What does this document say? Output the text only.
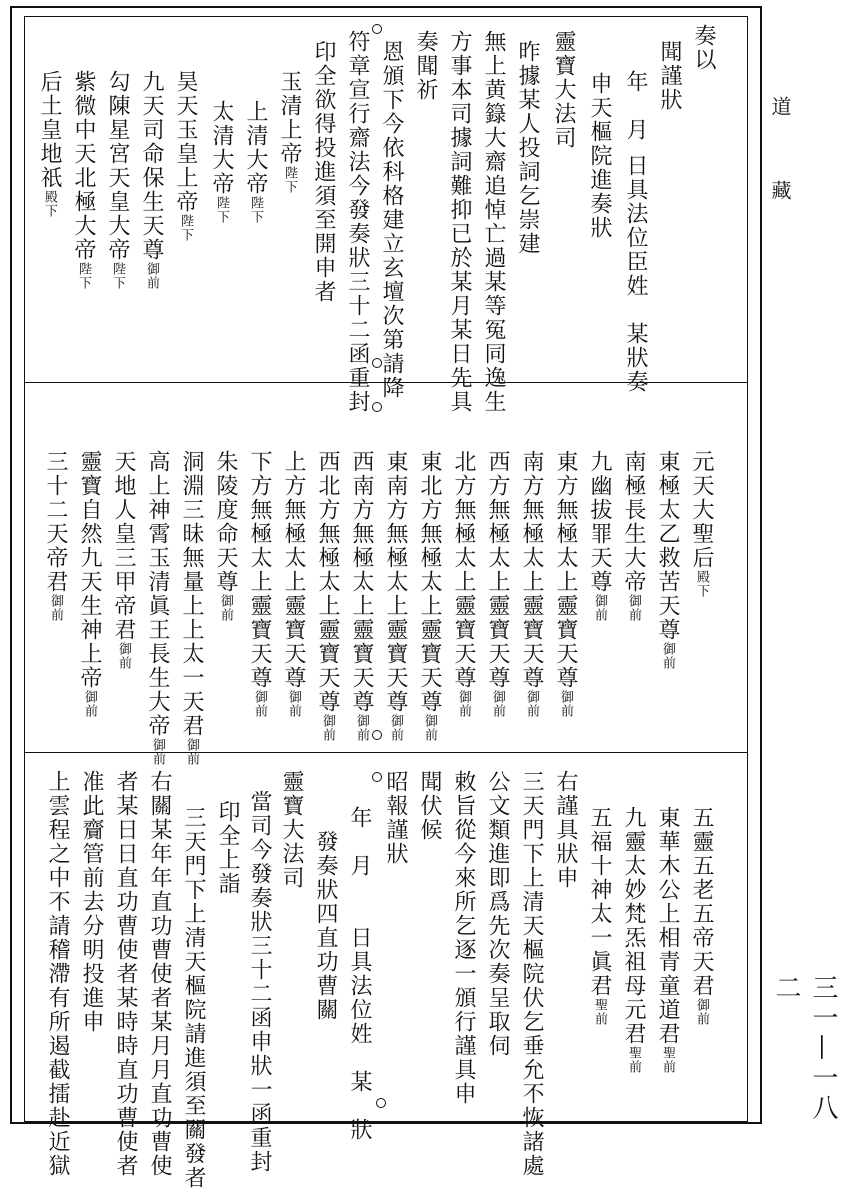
奏以
聞謹狀
年　月
　日具法位臣姓　某狀奏
申天樞院進奏狀
靈寶大法司
昨據某人投詞乞崇建
無上黄籙大齋追悼亡過某等冤同逸生
方事本司據詞難抑已於某月某日先具
奏聞祈
恩頒下今依科格建立玄壇次第請降
符章宣行齋法今發奏狀三十二函重封
印全欲得投進須至開申者
玉清上帝陛下
上清大帝陛下
太清大帝陛下
昊天玉皇上帝陛下
九天司命保生天尊御前
勾陳星宮天皇大帝陛下
紫微中天北極大帝陛下
后土皇地祇殿下
元天大聖后殿下
東極太乙救苦天尊御前
南極長生大帝御前
九幽拔罪天尊御前
東方無極太上靈寶天尊御前
南方無極太上靈寶天尊御前
西方無極太上靈寶天尊御前
北方無極太上靈寶天尊御前
東北方無極太上靈寶天尊御前
東南方無極太上靈寶天尊御前
西南方無極太上靈寶天尊御前
西北方無極太上靈寶天尊御前
上方無極太上靈寶天尊御前
下方無極太上靈寶天尊御前
朱陵度命天尊御前
洞淵三昧無量上上太一天君御前
高上神霄玉清眞王長生大帝御前
天地人皇三甲帝君御前
靈寶自然九天生神上帝御前
三十二天帝君御前
五靈五老五帝天君御前
東華木公上相青童道君聖前
九靈太妙梵炁祖母元君聖前
五福十神太一眞君聖前
右謹具狀申
三天門下上清天樞院伏乞垂允不恢諸處
公文類進即爲先次奏呈取伺
敕旨從今來所乞逐一頒行謹具申
聞伏候
昭報謹狀
年　月　　日具法位姓　某　狀
發奏狀四直功曹關
靈寶大法司
當司今發奏狀三十二函申狀一函重封
印全上詣
三天門下上清天樞院請進須至關發者
右關某年年直功曹使者某月月直功曹使
者某日日直功曹使者某時時直功曹使者
准此齎管前去分明投進申
上雲程之中不請稽滯有所遏截擂赴近獄
道
藏
三一—一八二
